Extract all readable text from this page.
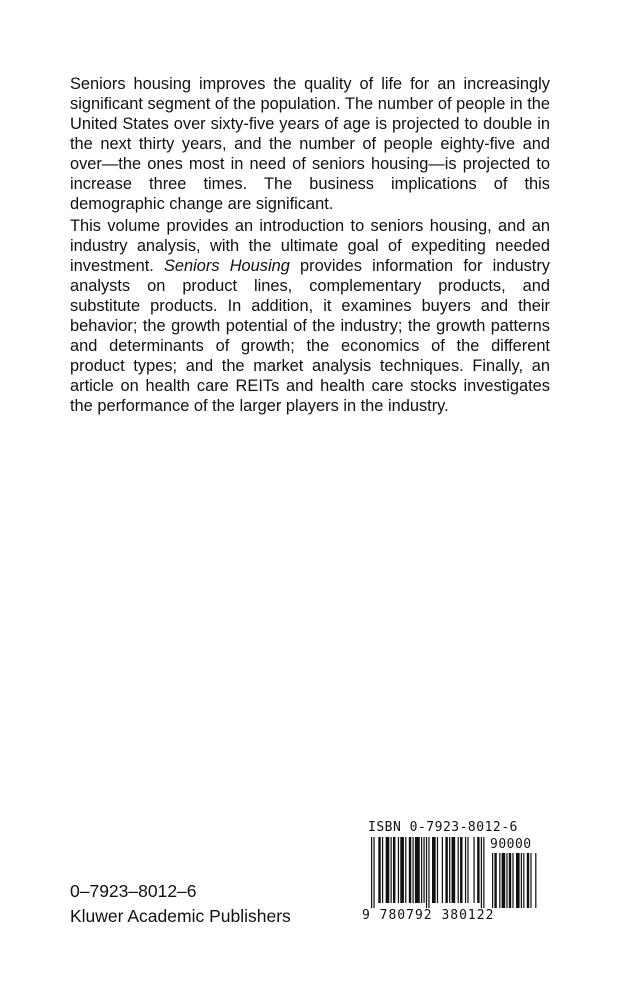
Seniors housing improves the quality of life for an increasingly significant segment of the population. The number of people in the United States over sixty-five years of age is projected to double in the next thirty years, and the number of people eighty-five and over—the ones most in need of seniors housing—is projected to increase three times. The business implications of this demographic change are significant.

This volume provides an introduction to seniors housing, and an industry analysis, with the ultimate goal of expediting needed investment. Seniors Housing provides information for industry analysts on product lines, complementary products, and substitute products. In addition, it examines buyers and their behavior; the growth potential of the industry; the growth patterns and determinants of growth; the economics of the different product types; and the market analysis techniques. Finally, an article on health care REITs and health care stocks investigates the performance of the larger players in the industry.

ISBN 0-7923-8012-6
90000
9 780792 380122
0–7923–8012–6
Kluwer Academic Publishers
